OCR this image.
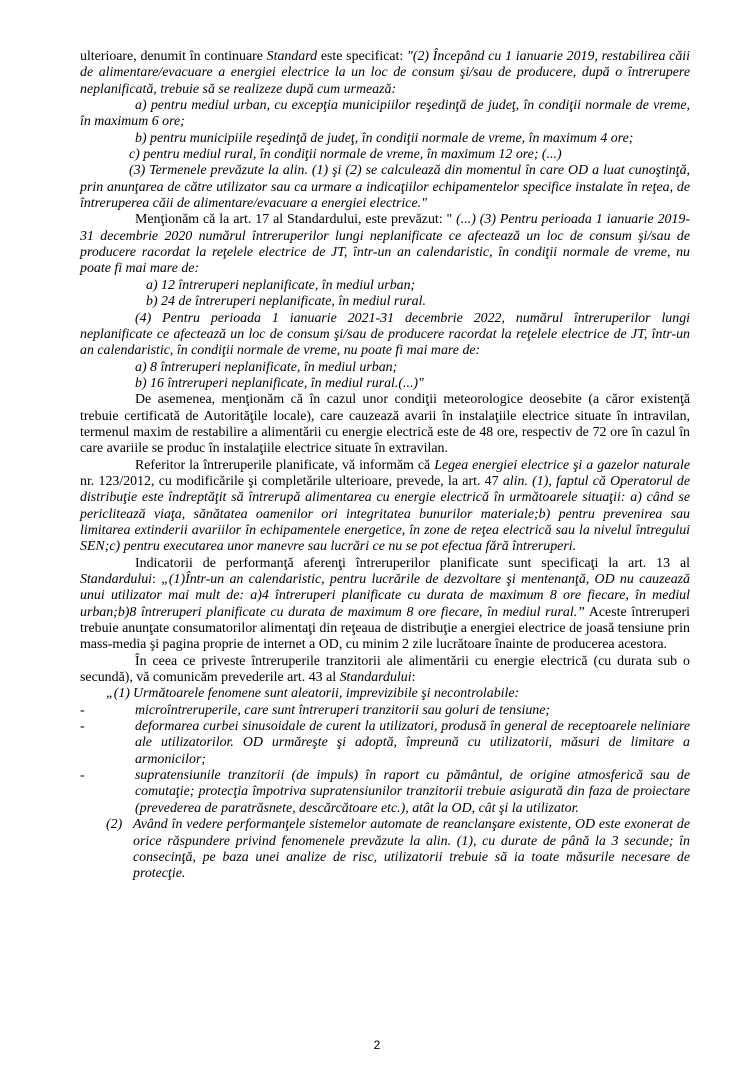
ulterioare, denumit în continuare Standard este specificat: "(2) Începând cu 1 ianuarie 2019, restabilirea căii de alimentare/evacuare a energiei electrice la un loc de consum şi/sau de producere, după o întrerupere neplanificată, trebuie să se realizeze după cum urmează:

a) pentru mediul urban, cu excepţia municipiilor reşedinţă de judeţ, în condiţii normale de vreme, în maximum 6 ore;

b) pentru municipiile reşedinţă de judeţ, în condiţii normale de vreme, în maximum 4 ore;

c) pentru mediul rural, în condiţii normale de vreme, în maximum 12 ore; (...)

(3) Termenele prevăzute la alin. (1) şi (2) se calculează din momentul în care OD a luat cunoştinţă, prin anunţarea de către utilizator sau ca urmare a indicaţiilor echipamentelor specifice instalate în reţea, de întreruperea căii de alimentare/evacuare a energiei electrice."

Menţionăm că la art. 17 al Standardului, este prevăzut: " (...) (3) Pentru perioada 1 ianuarie 2019-31 decembrie 2020 numărul întreruperilor lungi neplanificate ce afectează un loc de consum şi/sau de producere racordat la reţelele electrice de JT, într-un an calendaristic, în condiţii normale de vreme, nu poate fi mai mare de:

a) 12 întreruperi neplanificate, în mediul urban;

b) 24 de întreruperi neplanificate, în mediul rural.

(4) Pentru perioada 1 ianuarie 2021-31 decembrie 2022, numărul întreruperilor lungi neplanificate ce afectează un loc de consum şi/sau de producere racordat la reţelele electrice de JT, într-un an calendaristic, în condiţii normale de vreme, nu poate fi mai mare de:

a) 8 întreruperi neplanificate, în mediul urban;

b) 16 întreruperi neplanificate, în mediul rural.(...)"

De asemenea, menţionăm că în cazul unor condiţii meteorologice deosebite (a căror existenţă trebuie certificată de Autorităţile locale), care cauzează avarii în instalaţiile electrice situate în intravilan, termenul maxim de restabilire a alimentării cu energie electrică este de 48 ore, respectiv de 72 ore în cazul în care avariile se produc în instalaţiile electrice situate în extravilan.

Referitor la întreruperile planificate, vă informăm că Legea energiei electrice şi a gazelor naturale nr. 123/2012, cu modificările şi completările ulterioare, prevede, la art. 47 alin. (1), faptul că Operatorul de distribuţie este îndreptăţit să întrerupă alimentarea cu energie electrică în următoarele situaţii: a) când se periclitează viaţa, sănătatea oamenilor ori integritatea bunurilor materiale;b) pentru prevenirea sau limitarea extinderii avariilor în echipamentele energetice, în zone de reţea electrică sau la nivelul întregului SEN;c) pentru executarea unor manevre sau lucrări ce nu se pot efectua fără întreruperi.

Indicatorii de performanţă aferenţi întreruperilor planificate sunt specificaţi la art. 13 al Standardului: „(1)Într-un an calendaristic, pentru lucrările de dezvoltare şi mentenanţă, OD nu cauzează unui utilizator mai mult de: a)4 întreruperi planificate cu durata de maximum 8 ore fiecare, în mediul urban;b)8 întreruperi planificate cu durata de maximum 8 ore fiecare, în mediul rural.” Aceste întreruperi trebuie anunţate consumatorilor alimentaţi din reţeaua de distribuţie a energiei electrice de joasă tensiune prin mass-media şi pagina proprie de internet a OD, cu minim 2 zile lucrătoare înainte de producerea acestora.

În ceea ce priveste întreruperile tranzitorii ale alimentării cu energie electrică (cu durata sub o secundă), vă comunicăm prevederile art. 43 al Standardului:

„(1) Următoarele fenomene sunt aleatorii, imprevizibile şi necontrolabile:
-	microîntreruperile, care sunt întreruperi tranzitorii sau goluri de tensiune;
-	deformarea curbei sinusoidale de curent la utilizatori, produsă în general de receptoarele neliniare ale utilizatorilor. OD urmăreşte şi adoptă, împreună cu utilizatorii, măsuri de limitare a armonicilor;
-	supratensiunile tranzitorii (de impuls) în raport cu pământul, de origine atmosferică sau de comutaţie; protecţia împotriva supratensiunilor tranzitorii trebuie asigurată din faza de proiectare (prevederea de paratrăsnete, descărcătoare etc.), atât la OD, cât şi la utilizator.
(2) Având în vedere performanţele sistemelor automate de reanclanşare existente, OD este exonerat de orice răspundere privind fenomenele prevăzute la alin. (1), cu durate de până la 3 secunde; în consecinţă, pe baza unei analize de risc, utilizatorii trebuie să ia toate măsurile necesare de protecţie.
2
